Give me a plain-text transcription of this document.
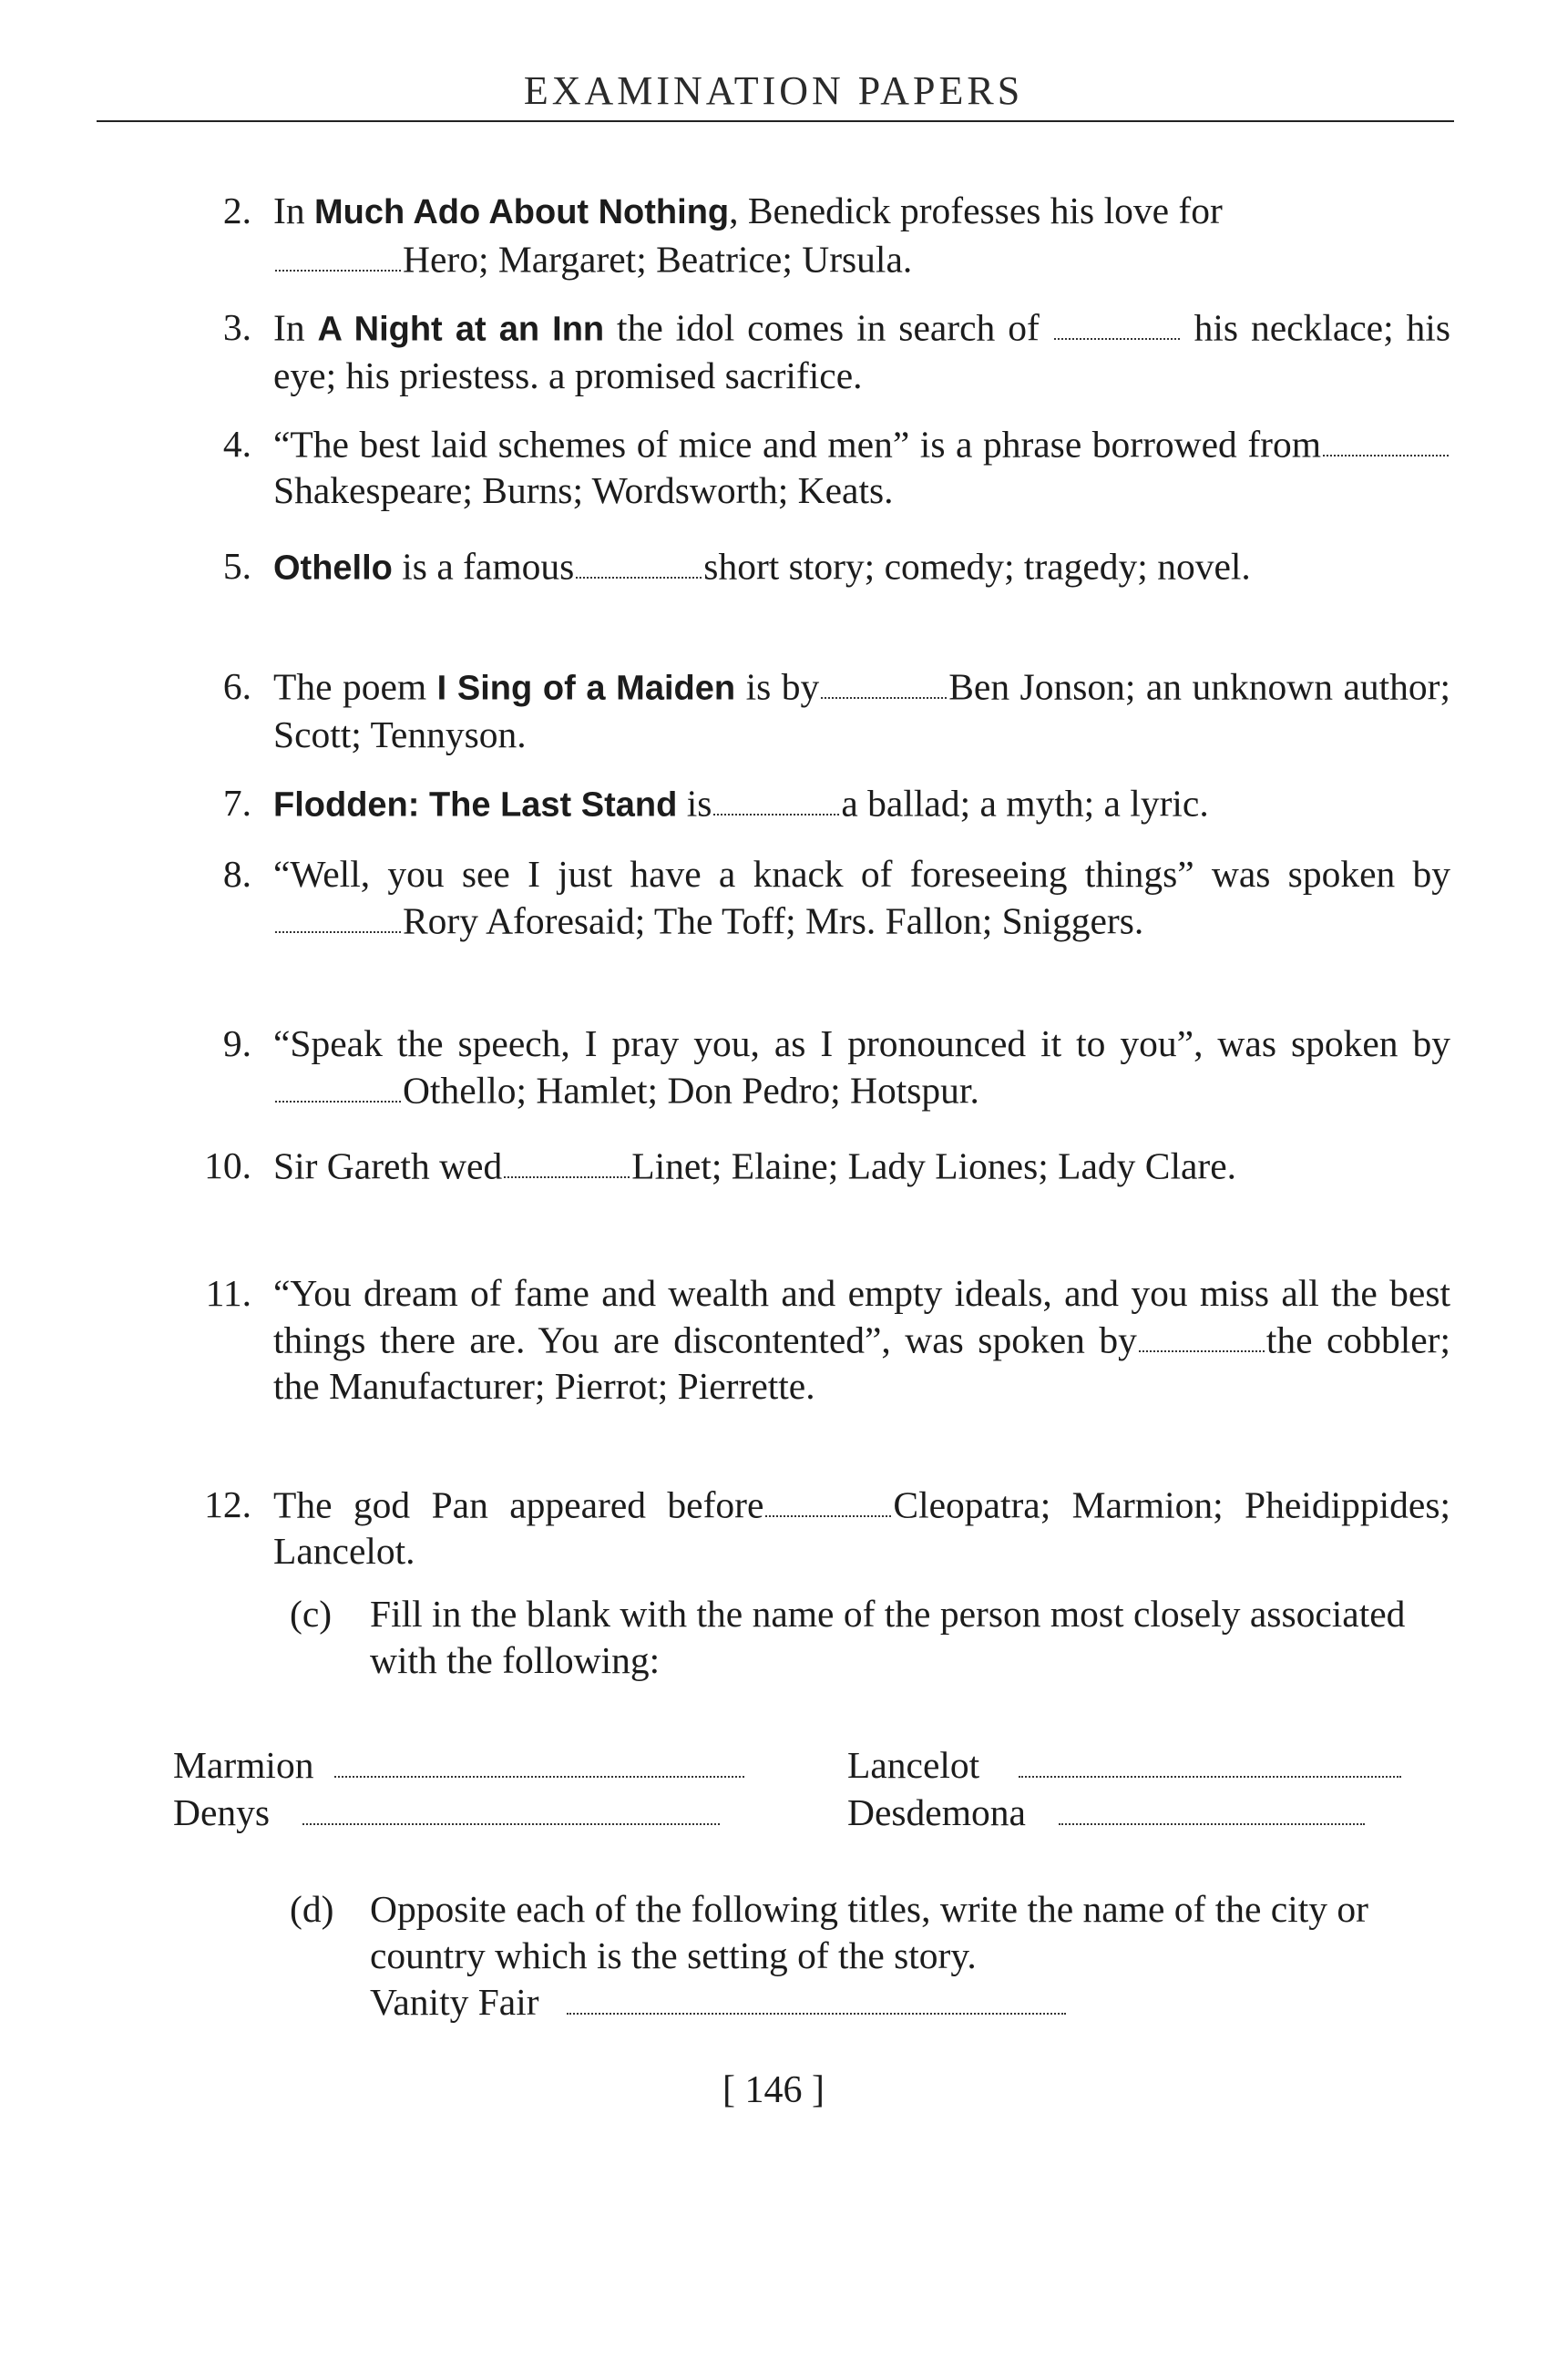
EXAMINATION PAPERS
2. In Much Ado About Nothing, Benedick professes his love for
Hero; Margaret; Beatrice; Ursula.
3. In A Night at an Inn the idol comes in search of	his necklace; his eye; his priestess. a promised sacrifice.
4. “The best laid schemes of mice and men” is a phrase borrowed fromShakespeare; Burns; Wordsworth; Keats.
5. Othello is a famous	short story; comedy; tragedy; novel.
6. The poem I Sing of a Maiden is by	Ben Jonson; an unknown author; Scott; Tennyson.
7. Flodden: The Last Stand is	a ballad; a myth; a lyric.
8. “Well, you see I just have a knack of foreseeing things” was spoken byRory Aforesaid; The Toff; Mrs. Fallon; Sniggers.
9. “Speak the speech, I pray you, as I pronounced it to you”, was spoken byOthello; Hamlet; Don Pedro; Hotspur.
10. Sir Gareth wed	Linet; Elaine; Lady Liones; Lady Clare.
11. “You dream of fame and wealth and empty ideals, and you miss all the best things there are. You are discontented”, was spoken by	the cobbler; the Manufacturer; Pierrot; Pierrette.
12. The god Pan appeared before	Cleopatra; Marmion; Pheidippides; Lancelot.
(c) Fill in the blank with the name of the person most closely associated with the following:
Marmion	Lancelot
Denys	Desdemona
(d) Opposite each of the following titles, write the name of the city or country which is the setting of the story.
Vanity Fair
[ 146 ]
